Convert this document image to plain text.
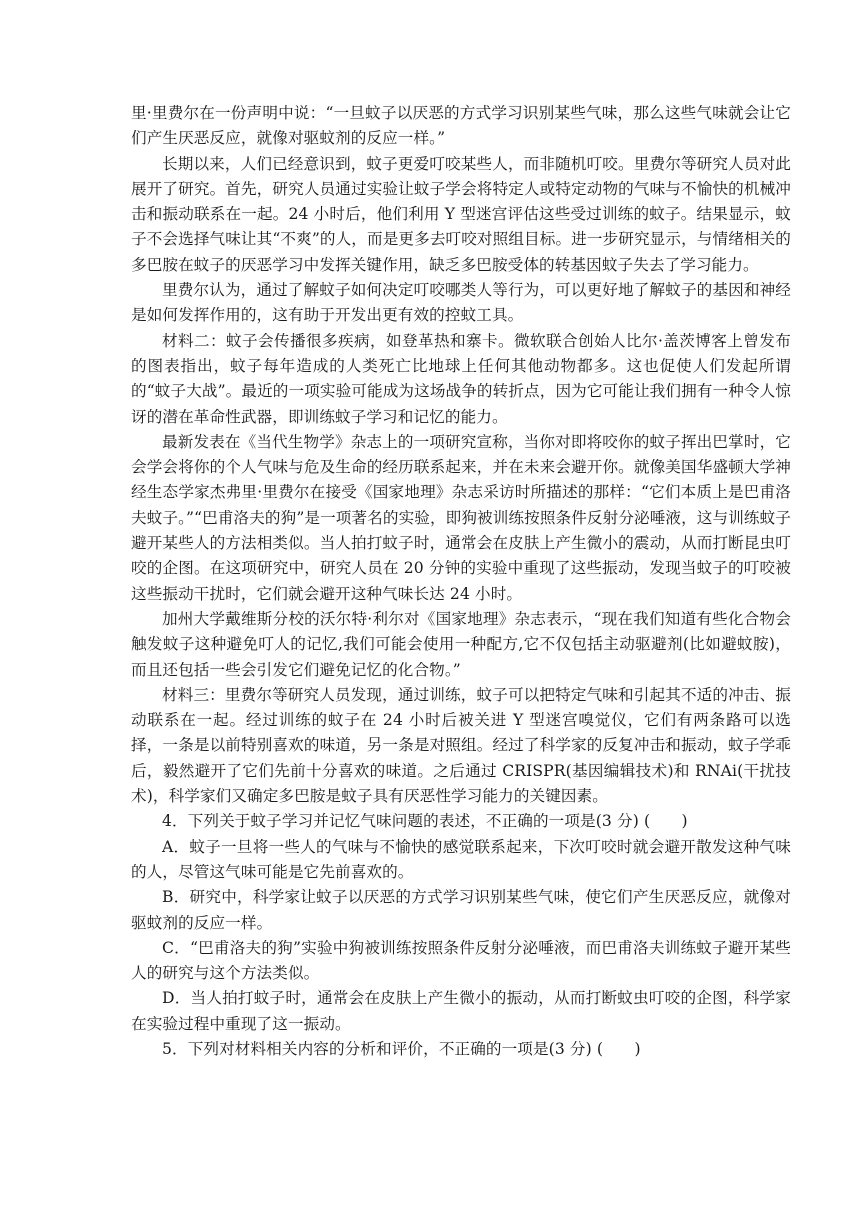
里·里费尔在一份声明中说：“一旦蚊子以厌恶的方式学习识别某些气味，那么这些气味就会让它们产生厌恶反应，就像对驱蚊剂的反应一样。”

长期以来，人们已经意识到，蚊子更爱叮咬某些人，而非随机叮咬。里费尔等研究人员对此展开了研究。首先，研究人员通过实验让蚊子学会将特定人或特定动物的气味与不愉快的机械冲击和振动联系在一起。24 小时后，他们利用 Y 型迷宫评估这些受过训练的蚊子。结果显示，蚊子不会选择气味让其“不爽”的人，而是更多去叮咬对照组目标。进一步研究显示，与情绪相关的多巴胺在蚊子的厌恶学习中发挥关键作用，缺乏多巴胺受体的转基因蚊子失去了学习能力。

里费尔认为，通过了解蚊子如何决定叮咬哪类人等行为，可以更好地了解蚊子的基因和神经是如何发挥作用的，这有助于开发出更有效的控蚊工具。

材料二：蚊子会传播很多疾病，如登革热和寨卡。微软联合创始人比尔·盖茨博客上曾发布的图表指出，蚊子每年造成的人类死亡比地球上任何其他动物都多。这也促使人们发起所谓的“蚊子大战”。最近的一项实验可能成为这场战争的转折点，因为它可能让我们拥有一种令人惊讶的潜在革命性武器，即训练蚊子学习和记忆的能力。

最新发表在《当代生物学》杂志上的一项研究宣称，当你对即将咬你的蚊子挥出巴掌时，它会学会将你的个人气味与危及生命的经历联系起来，并在未来会避开你。就像美国华盛顿大学神经生态学家杰弗里·里费尔在接受《国家地理》杂志采访时所描述的那样：“它们本质上是巴甫洛夫蚊子。”“巴甫洛夫的狗”是一项著名的实验，即狗被训练按照条件反射分泌唾液，这与训练蚊子避开某些人的方法相类似。当人拍打蚊子时，通常会在皮肤上产生微小的震动，从而打断昆虫叮咬的企图。在这项研究中，研究人员在 20 分钟的实验中重现了这些振动，发现当蚊子的叮咬被这些振动干扰时，它们就会避开这种气味长达 24 小时。

加州大学戴维斯分校的沃尔特·利尔对《国家地理》杂志表示，“现在我们知道有些化合物会触发蚊子这种避免叮人的记忆,我们可能会使用一种配方,它不仅包括主动驱避剂(比如避蚊胺)，而且还包括一些会引发它们避免记忆的化合物。”

材料三：里费尔等研究人员发现，通过训练，蚊子可以把特定气味和引起其不适的冲击、振动联系在一起。经过训练的蚊子在 24 小时后被关进 Y 型迷宫嗅觉仪，它们有两条路可以选择，一条是以前特别喜欢的味道，另一条是对照组。经过了科学家的反复冲击和振动，蚊子学乖后，毅然避开了它们先前十分喜欢的味道。之后通过 CRISPR(基因编辑技术)和 RNAi(干扰技术)，科学家们又确定多巴胺是蚊子具有厌恶性学习能力的关键因素。

4．下列关于蚊子学习并记忆气味问题的表述，不正确的一项是(3 分) (　　)

A．蚊子一旦将一些人的气味与不愉快的感觉联系起来，下次叮咬时就会避开散发这种气味的人，尽管这气味可能是它先前喜欢的。

B．研究中，科学家让蚊子以厌恶的方式学习识别某些气味，使它们产生厌恶反应，就像对驱蚊剂的反应一样。

C．“巴甫洛夫的狗”实验中狗被训练按照条件反射分泌唾液，而巴甫洛夫训练蚊子避开某些人的研究与这个方法类似。

D．当人拍打蚊子时，通常会在皮肤上产生微小的振动，从而打断蚊虫叮咬的企图，科学家在实验过程中重现了这一振动。

5．下列对材料相关内容的分析和评价，不正确的一项是(3 分) (　　)
